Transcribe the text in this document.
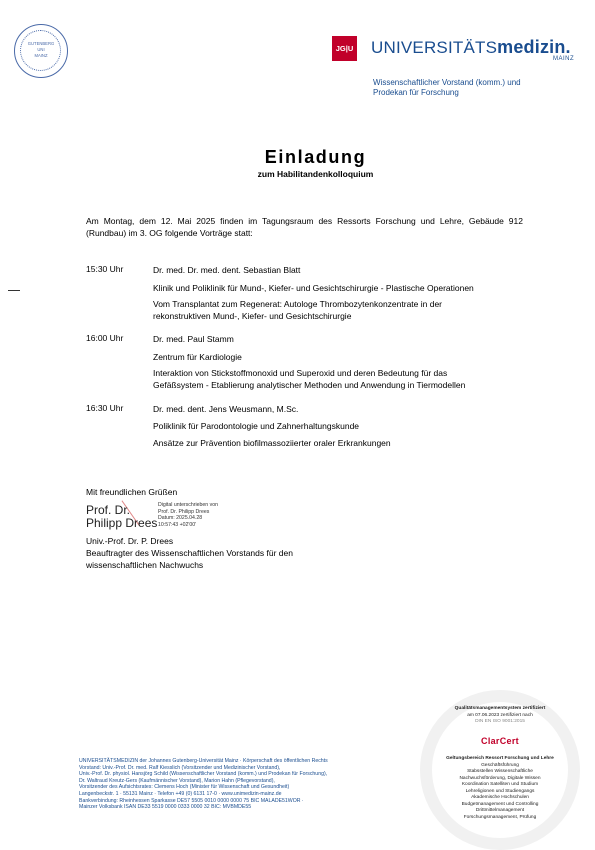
GUTENBERG
UNI
MAINZ
JG|U UNIVERSITÄTSmedizin.
MAINZ
Wissenschaftlicher Vorstand (komm.) und
Prodekan für Forschung
Einladung
zum Habilitandenkolloquium
Am Montag, dem 12. Mai 2025 finden im Tagungsraum des Ressorts Forschung und Lehre, Gebäude 912 (Rundbau) im 3. OG folgende Vorträge statt:
15:30 Uhr	Dr. med. Dr. med. dent. Sebastian Blatt
Klinik und Poliklinik für Mund-, Kiefer- und Gesichtschirurgie - Plastische Operationen
Vom Transplantat zum Regenerat: Autologe Thrombozytenkonzentrate in der
rekonstruktiven Mund-, Kiefer- und Gesichtschirurgie
16:00 Uhr	Dr. med. Paul Stamm
Zentrum für Kardiologie
Interaktion von Stickstoffmonoxid und Superoxid und deren Bedeutung für das
Gefäßsystem - Etablierung analytischer Methoden und Anwendung in Tiermodellen
16:30 Uhr	Dr. med. dent. Jens Weusmann, M.Sc.
Poliklinik für Parodontologie und Zahnerhaltungskunde
Ansätze zur Prävention biofilmassoziierter oraler Erkrankungen
Mit freundlichen Grüßen
Prof. Dr.
Philipp Drees
Digital unterschrieben von
Prof. Dr. Philipp Drees
Datum: 2025.04.28
10:57:43 +02'00'
Univ.-Prof. Dr. P. Drees
Beauftragter des Wissenschaftlichen Vorstands für den
wissenschaftlichen Nachwuchs
UNIVERSITÄTSMEDIZIN der Johannes Gutenberg-Universität Mainz · Körperschaft des öffentlichen Rechts
Vorstand: Univ.-Prof. Dr. med. Ralf Kiesslich (Vorsitzender und Medizinischer Vorstand),
Univ.-Prof. Dr. physiol. Hansjörg Schild (Wissenschaftlicher Vorstand (komm.) und Prodekan für Forschung),
Dr. Waltraud Kreutz-Gers (Kaufmännischer Vorstand), Marion Hahn (Pflegevorstand),
Vorsitzender des Aufsichtsrates: Clemens Hoch (Minister für Wissenschaft und Gesundheit)
Langenbeckstr. 1 · 55131 Mainz · Telefon +49 (0) 6131 17-0 · www.unimedizin-mainz.de
Bankverbindung: Rheinhessen Sparkasse DE57 5505 0010 0000 0000 75 BIC MALADE51WOR ·
Mainzer Volksbank ISAN DE33 5519 0000 0333 0000 32 BIC: MVBMDE55
Qualitätsmanagementsystem zertifiziert
am 07.06.2023 zertifiziert nach
DIN EN ISO 9001:2015
ClarCert
Geltungsbereich Ressort Forschung und Lehre
Geschäftsführung
Stabsstellen Wissenschaftliche
Nachwuchsförderung, Digitale Wissen
Koordination Satelliten und Studium
Lehreligionen und Studiengangs
Akademische Hochschulen
Budgetmanagement und Controlling
Drittmittelmanagement
Forschungsmanagement, Prüfung
